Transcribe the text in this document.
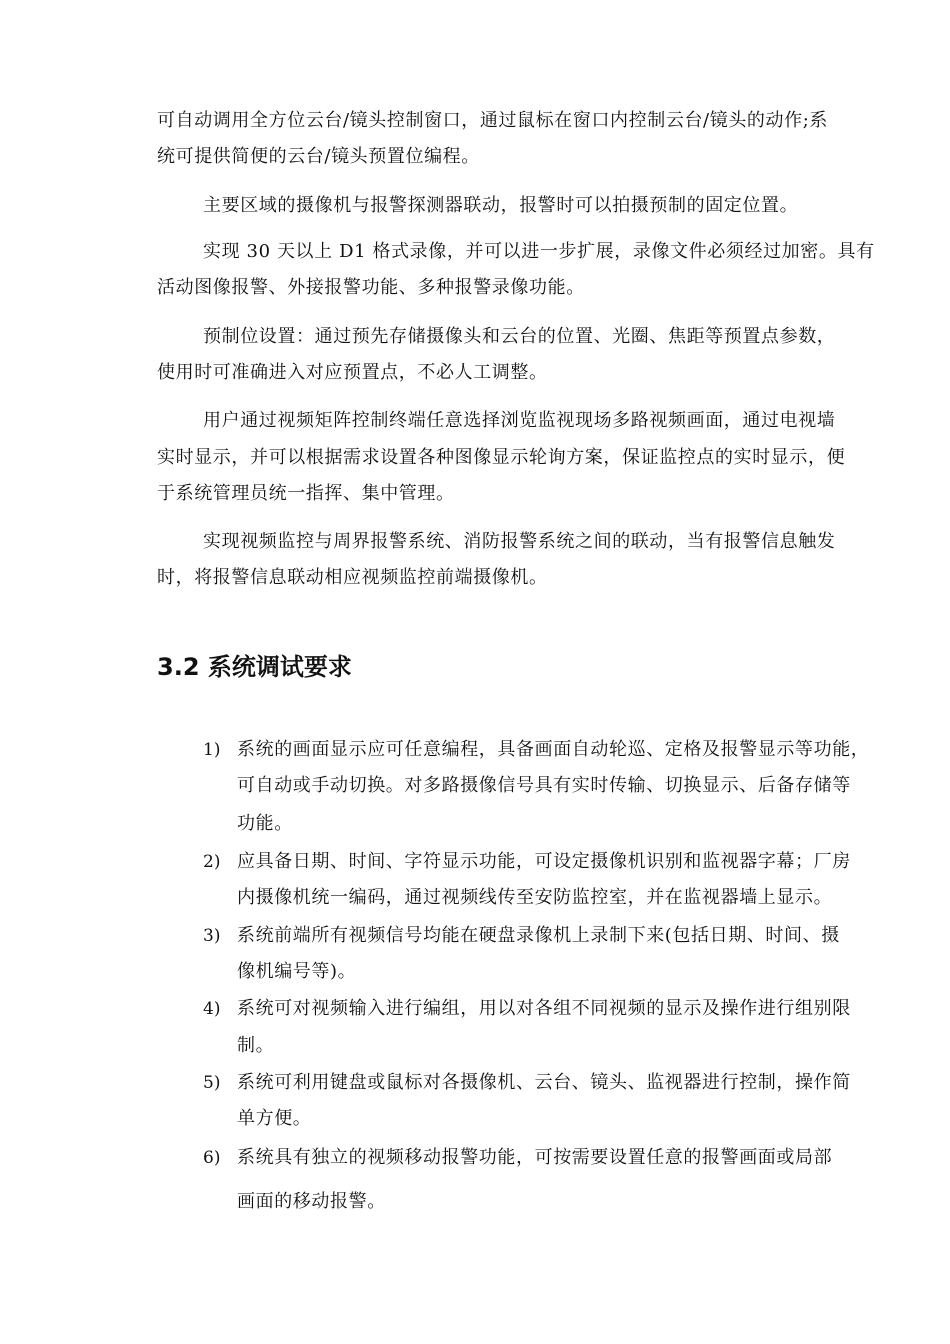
可自动调用全方位云台/镜头控制窗口，通过鼠标在窗口内控制云台/镜头的动作;系
统可提供简便的云台/镜头预置位编程。
主要区域的摄像机与报警探测器联动，报警时可以拍摄预制的固定位置。
实现 30 天以上 D1 格式录像，并可以进一步扩展，录像文件必须经过加密。具有
活动图像报警、外接报警功能、多种报警录像功能。
预制位设置：通过预先存储摄像头和云台的位置、光圈、焦距等预置点参数，
使用时可准确进入对应预置点，不必人工调整。
用户通过视频矩阵控制终端任意选择浏览监视现场多路视频画面，通过电视墙
实时显示，并可以根据需求设置各种图像显示轮询方案，保证监控点的实时显示，便
于系统管理员统一指挥、集中管理。
实现视频监控与周界报警系统、消防报警系统之间的联动，当有报警信息触发
时，将报警信息联动相应视频监控前端摄像机。
3.2 系统调试要求
1) 系统的画面显示应可任意编程，具备画面自动轮巡、定格及报警显示等功能，
可自动或手动切换。对多路摄像信号具有实时传输、切换显示、后备存储等
功能。
2) 应具备日期、时间、字符显示功能，可设定摄像机识别和监视器字幕；厂房
内摄像机统一编码，通过视频线传至安防监控室，并在监视器墙上显示。
3) 系统前端所有视频信号均能在硬盘录像机上录制下来(包括日期、时间、摄
像机编号等)。
4) 系统可对视频输入进行编组，用以对各组不同视频的显示及操作进行组别限
制。
5) 系统可利用键盘或鼠标对各摄像机、云台、镜头、监视器进行控制，操作简
单方便。
6) 系统具有独立的视频移动报警功能，可按需要设置任意的报警画面或局部
画面的移动报警。
